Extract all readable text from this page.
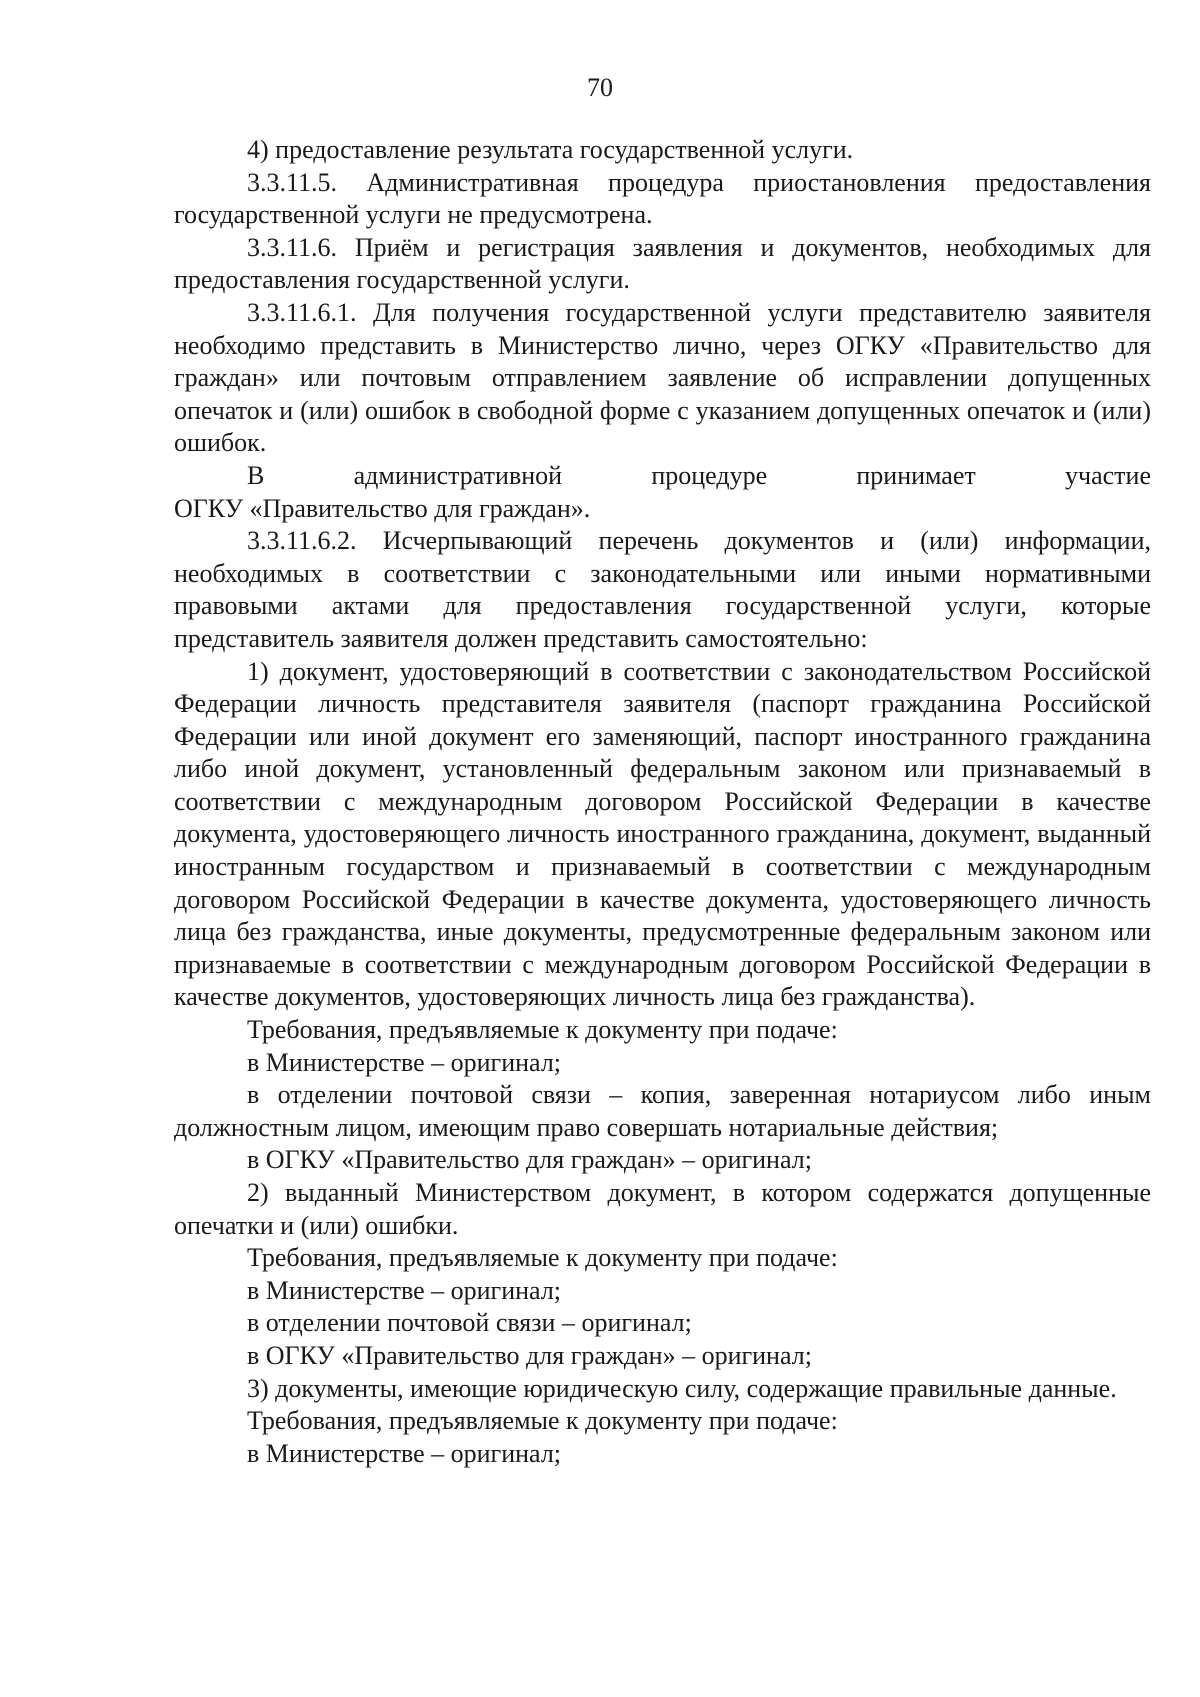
70

4) предоставление результата государственной услуги.

3.3.11.5. Административная процедура приостановления предоставления государственной услуги не предусмотрена.

3.3.11.6. Приём и регистрация заявления и документов, необходимых для предоставления государственной услуги.

3.3.11.6.1. Для получения государственной услуги представителю заявителя необходимо представить в Министерство лично, через ОГКУ «Правительство для граждан» или почтовым отправлением заявление об исправлении допущенных опечаток и (или) ошибок в свободной форме с указанием допущенных опечаток и (или) ошибок.

В административной процедуре принимает участие

ОГКУ «Правительство для граждан».

3.3.11.6.2. Исчерпывающий перечень документов и (или) информации, необходимых в соответствии с законодательными или иными нормативными правовыми актами для предоставления государственной услуги, которые представитель заявителя должен представить самостоятельно:

1) документ, удостоверяющий в соответствии с законодательством Российской Федерации личность представителя заявителя (паспорт гражданина Российской Федерации или иной документ его заменяющий, паспорт иностранного гражданина либо иной документ, установленный федеральным законом или признаваемый в соответствии с международным договором Российской Федерации в качестве документа, удостоверяющего личность иностранного гражданина, документ, выданный иностранным государством и признаваемый в соответствии с международным договором Российской Федерации в качестве документа, удостоверяющего личность лица без гражданства, иные документы, предусмотренные федеральным законом или признаваемые в соответствии с международным договором Российской Федерации в качестве документов, удостоверяющих личность лица без гражданства).

Требования, предъявляемые к документу при подаче:

в Министерстве – оригинал;

в отделении почтовой связи – копия, заверенная нотариусом либо иным должностным лицом, имеющим право совершать нотариальные действия;

в ОГКУ «Правительство для граждан» – оригинал;

2) выданный Министерством документ, в котором содержатся допущенные опечатки и (или) ошибки.

Требования, предъявляемые к документу при подаче:

в Министерстве – оригинал;

в отделении почтовой связи – оригинал;

в ОГКУ «Правительство для граждан» – оригинал;

3) документы, имеющие юридическую силу, содержащие правильные данные.

Требования, предъявляемые к документу при подаче:

в Министерстве – оригинал;
